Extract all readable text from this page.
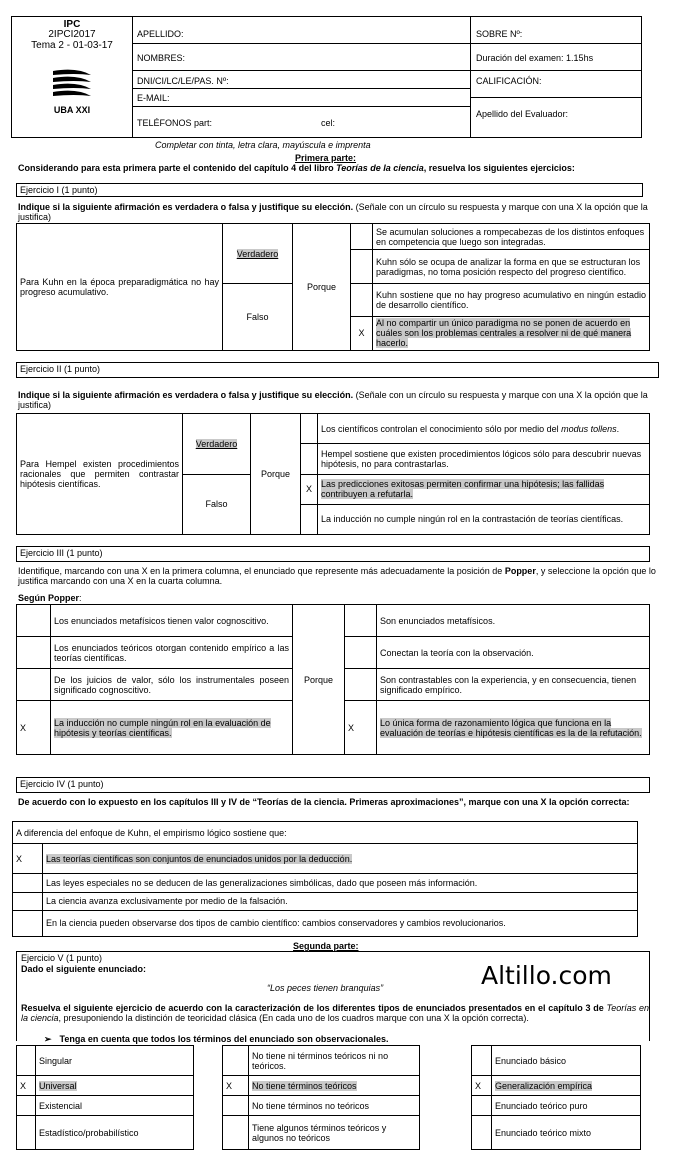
IPC
2IPCI2017
Tema 2 - 01-03-17
UBA XXI
APELLIDO:
NOMBRES:
DNI/CI/LC/LE/PAS. Nº:
E-MAIL:
TELÉFONOS part:	cel:
SOBRE Nº:
Duración del examen: 1.15hs
CALIFICACIÓN:
Apellido del Evaluador:
Completar con tinta, letra clara, mayúscula e imprenta
Primera parte:
Considerando para esta primera parte el contenido del capítulo 4 del libro Teorías de la ciencia, resuelva los siguientes ejercicios:
Ejercicio I (1 punto)
Indique si la siguiente afirmación es verdadera o falsa y justifique su elección. (Señale con un círculo su respuesta y marque con una X la opción que la justifica)
Para Kuhn en la época preparadigmática no hay progreso acumulativo.	Verdadero	Porque		Se acumulan soluciones a rompecabezas de los distintos enfoques en competencia que luego son integradas.
				Kuhn sólo se ocupa de analizar la forma en que se estructuran los paradigmas, no toma posición respecto del progreso científico.
	Falso			Kuhn sostiene que no hay progreso acumulativo en ningún estadio de desarrollo científico.
			X	Al no compartir un único paradigma no se ponen de acuerdo en cuáles son los problemas centrales a resolver ni de qué manera hacerlo.
Ejercicio II (1 punto)
Indique si la siguiente afirmación es verdadera o falsa y justifique su elección. (Señale con un círculo su respuesta y marque con una X la opción que la justifica)
Para Hempel existen procedimientos racionales que permiten contrastar hipótesis científicas.	Verdadero	Porque		Los científicos controlan el conocimiento sólo por medio del modus tollens.
				Hempel sostiene que existen procedimientos lógicos sólo para descubrir nuevas hipótesis, no para contrastarlas.
	Falso		X	Las predicciones exitosas permiten confirmar una hipótesis; las fallidas contribuyen a refutarla.
				La inducción no cumple ningún rol en la contrastación de teorías científicas.
Ejercicio III (1 punto)
Identifique, marcando con una X en la primera columna, el enunciado que represente más adecuadamente la posición de Popper, y seleccione la opción que lo justifica marcando con una X en la cuarta columna.
Según Popper:
	Los enunciados metafísicos tienen valor cognoscitivo.	Porque		Son enunciados metafísicos.
	Los enunciados teóricos otorgan contenido empírico a las teorías científicas.			Conectan la teoría con la observación.
	De los juicios de valor, sólo los instrumentales poseen significado cognoscitivo.			Son contrastables con la experiencia, y en consecuencia, tienen significado empírico.
X	La inducción no cumple ningún rol en la evaluación de hipótesis y teorías científicas.		X	Lo única forma de razonamiento lógica que funciona en la evaluación de teorías e hipótesis científicas es la de la refutación.
Ejercicio IV (1 punto)
De acuerdo con lo expuesto en los capítulos III y IV de “Teorías de la ciencia. Primeras aproximaciones”, marque con una X la opción correcta:
A diferencia del enfoque de Kuhn, el empirismo lógico sostiene que:	
X	Las teorías científicas son conjuntos de enunciados unidos por la deducción.
	Las leyes especiales no se deducen de las generalizaciones simbólicas, dado que poseen más información.
	La ciencia avanza exclusivamente por medio de la falsación.
	En la ciencia pueden observarse dos tipos de cambio científico: cambios conservadores y cambios revolucionarios.
Segunda parte:
Ejercicio V (1 punto)
Dado el siguiente enunciado:
“Los peces tienen branquias”	Altillo.com
Resuelva el siguiente ejercicio de acuerdo con la caracterización de los diferentes tipos de enunciados presentados en el capítulo 3 de Teorías en la ciencia, presuponiendo la distinción de teoricidad clásica (En cada uno de los cuadros marque con una X la opción correcta).
➢ Tenga en cuenta que todos los términos del enunciado son observacionales.
	Singular
X	Universal
	Existencial
	Estadístico/probabilístico
	No tiene ni términos teóricos ni no teóricos.
X	No tiene términos teóricos
	No tiene términos no teóricos
	Tiene algunos términos teóricos y algunos no teóricos
	Enunciado básico
X	Generalización empírica
	Enunciado teórico puro
	Enunciado teórico mixto
